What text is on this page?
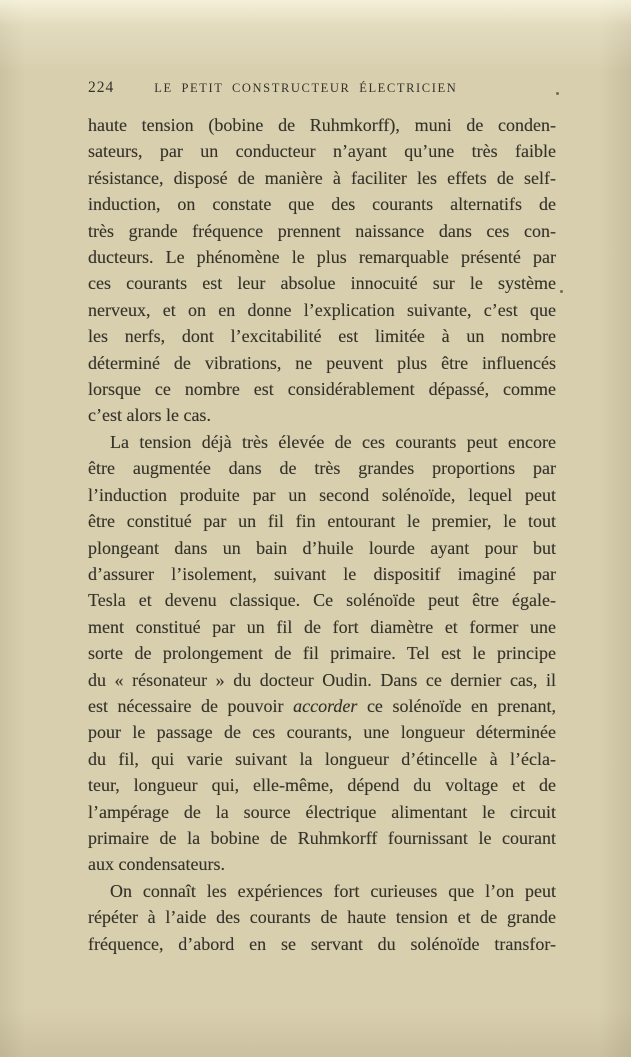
224	LE PETIT CONSTRUCTEUR ÉLECTRICIEN
haute tension (bobine de Ruhmkorff), muni de conden-
sateurs, par un conducteur n’ayant qu’une très faible
résistance, disposé de manière à faciliter les effets de self-
induction, on constate que des courants alternatifs de
très grande fréquence prennent naissance dans ces con-
ducteurs. Le phénomène le plus remarquable présenté par
ces courants est leur absolue innocuité sur le système
nerveux, et on en donne l’explication suivante, c’est que
les nerfs, dont l’excitabilité est limitée à un nombre
déterminé de vibrations, ne peuvent plus être influencés
lorsque ce nombre est considérablement dépassé, comme
c’est alors le cas.
La tension déjà très élevée de ces courants peut encore
être augmentée dans de très grandes proportions par
l’induction produite par un second solénoïde, lequel peut
être constitué par un fil fin entourant le premier, le tout
plongeant dans un bain d’huile lourde ayant pour but
d’assurer l’isolement, suivant le dispositif imaginé par
Tesla et devenu classique. Ce solénoïde peut être égale-
ment constitué par un fil de fort diamètre et former une
sorte de prolongement de fil primaire. Tel est le principe
du « résonateur » du docteur Oudin. Dans ce dernier cas, il
est nécessaire de pouvoir accorder ce solénoïde en prenant,
pour le passage de ces courants, une longueur déterminée
du fil, qui varie suivant la longueur d’étincelle à l’écla-
teur, longueur qui, elle-même, dépend du voltage et de
l’ampérage de la source électrique alimentant le circuit
primaire de la bobine de Ruhmkorff fournissant le courant
aux condensateurs.
On connaît les expériences fort curieuses que l’on peut
répéter à l’aide des courants de haute tension et de grande
fréquence, d’abord en se servant du solénoïde transfor-
